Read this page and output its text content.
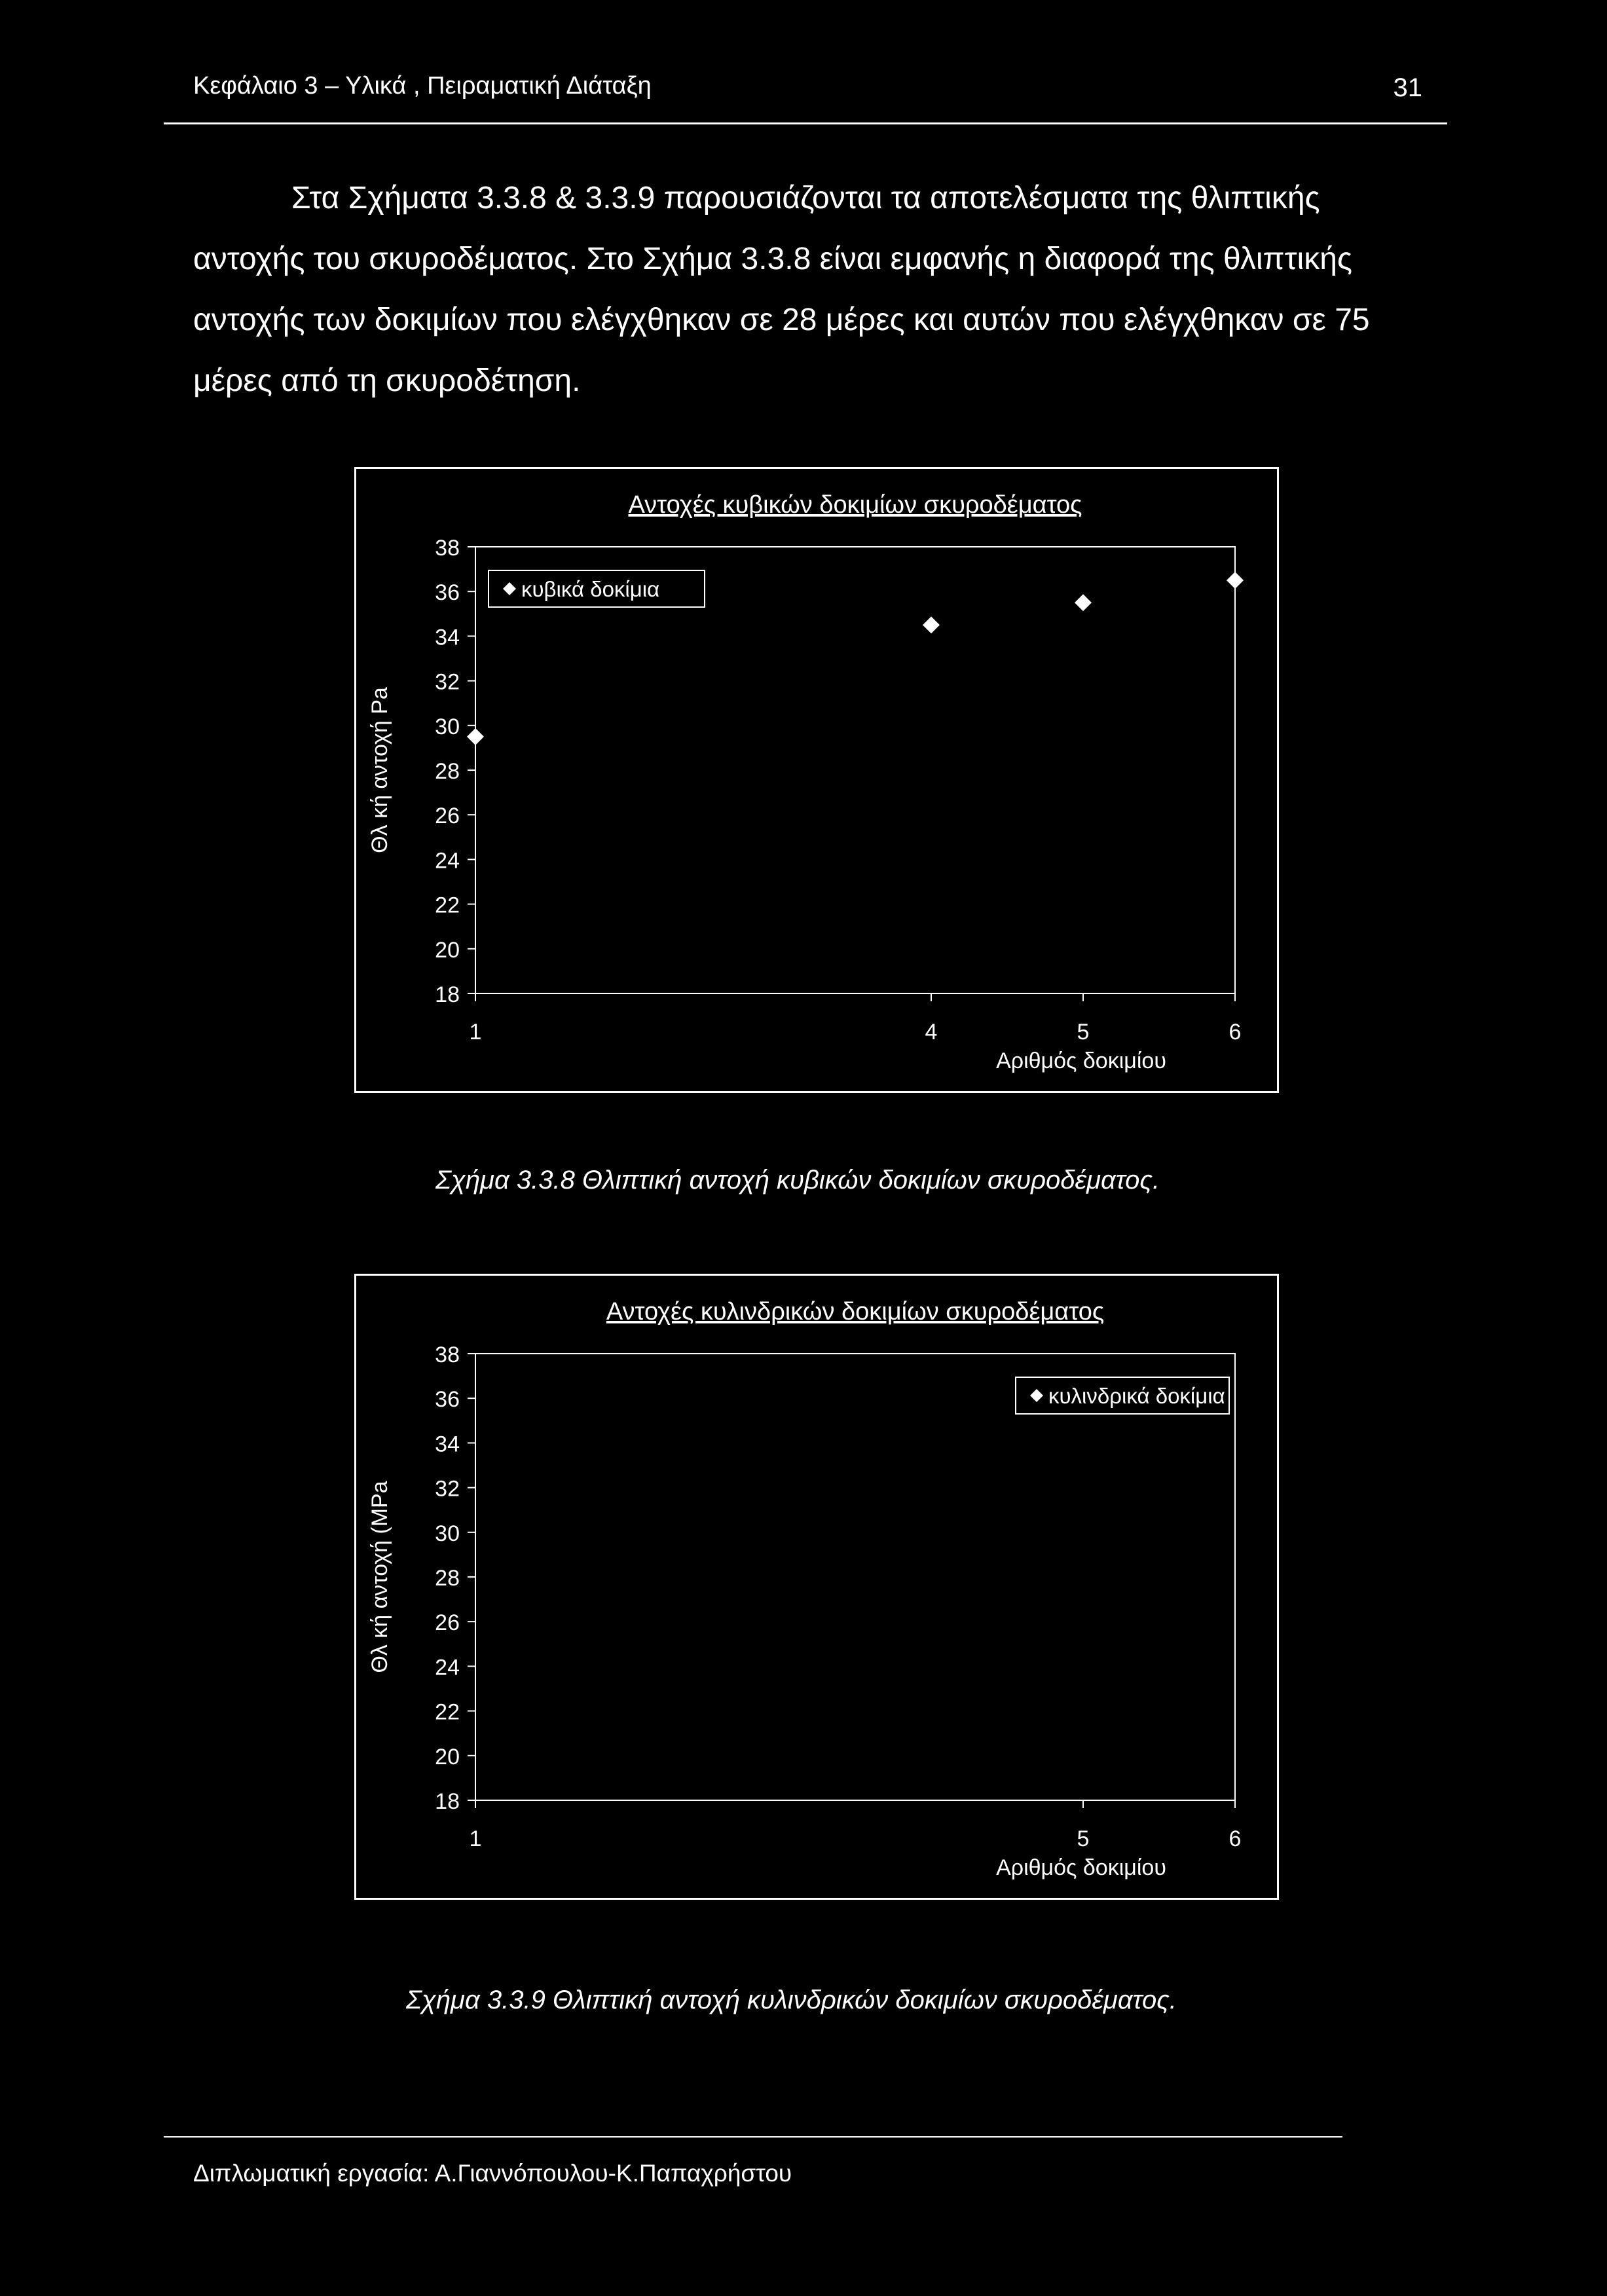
Κεφάλαιο 3 – Υλικά , Πειραματική Διάταξη	31
Στα Σχήματα 3.3.8 & 3.3.9 παρουσιάζονται τα αποτελέσματα της θλιπτικής
αντοχής του σκυροδέματος. Στο Σχήμα 3.3.8 είναι εμφανής η διαφορά της θλιπτικής
αντοχής των δοκιμίων που ελέγχθηκαν σε 28 μέρες και αυτών που ελέγχθηκαν σε 75
μέρες από τη σκυροδέτηση.
Αντοχές κυβικών δοκιμίων σκυροδέματος
18
20
22
24
26
28
30
32
34
36
38
1	4	5	6
Αριθμός δοκιμίου
Θλ κή αντοχή Pa
κυβικά δοκίμια
Σχήμα 3.3.8 Θλιπτική αντοχή κυβικών δοκιμίων σκυροδέματος.
Αντοχές κυλινδρικών δοκιμίων σκυροδέματος
18
20
22
24
26
28
30
32
34
36
38
1	5	6
Αριθμός δοκιμίου
Θλ κή αντοχή (MPa
κυλινδρικά δοκίμια
Σχήμα 3.3.9 Θλιπτική αντοχή κυλινδρικών δοκιμίων σκυροδέματος.
Διπλωματική εργασία: Α.Γιαννόπουλου-Κ.Παπαχρήστου
